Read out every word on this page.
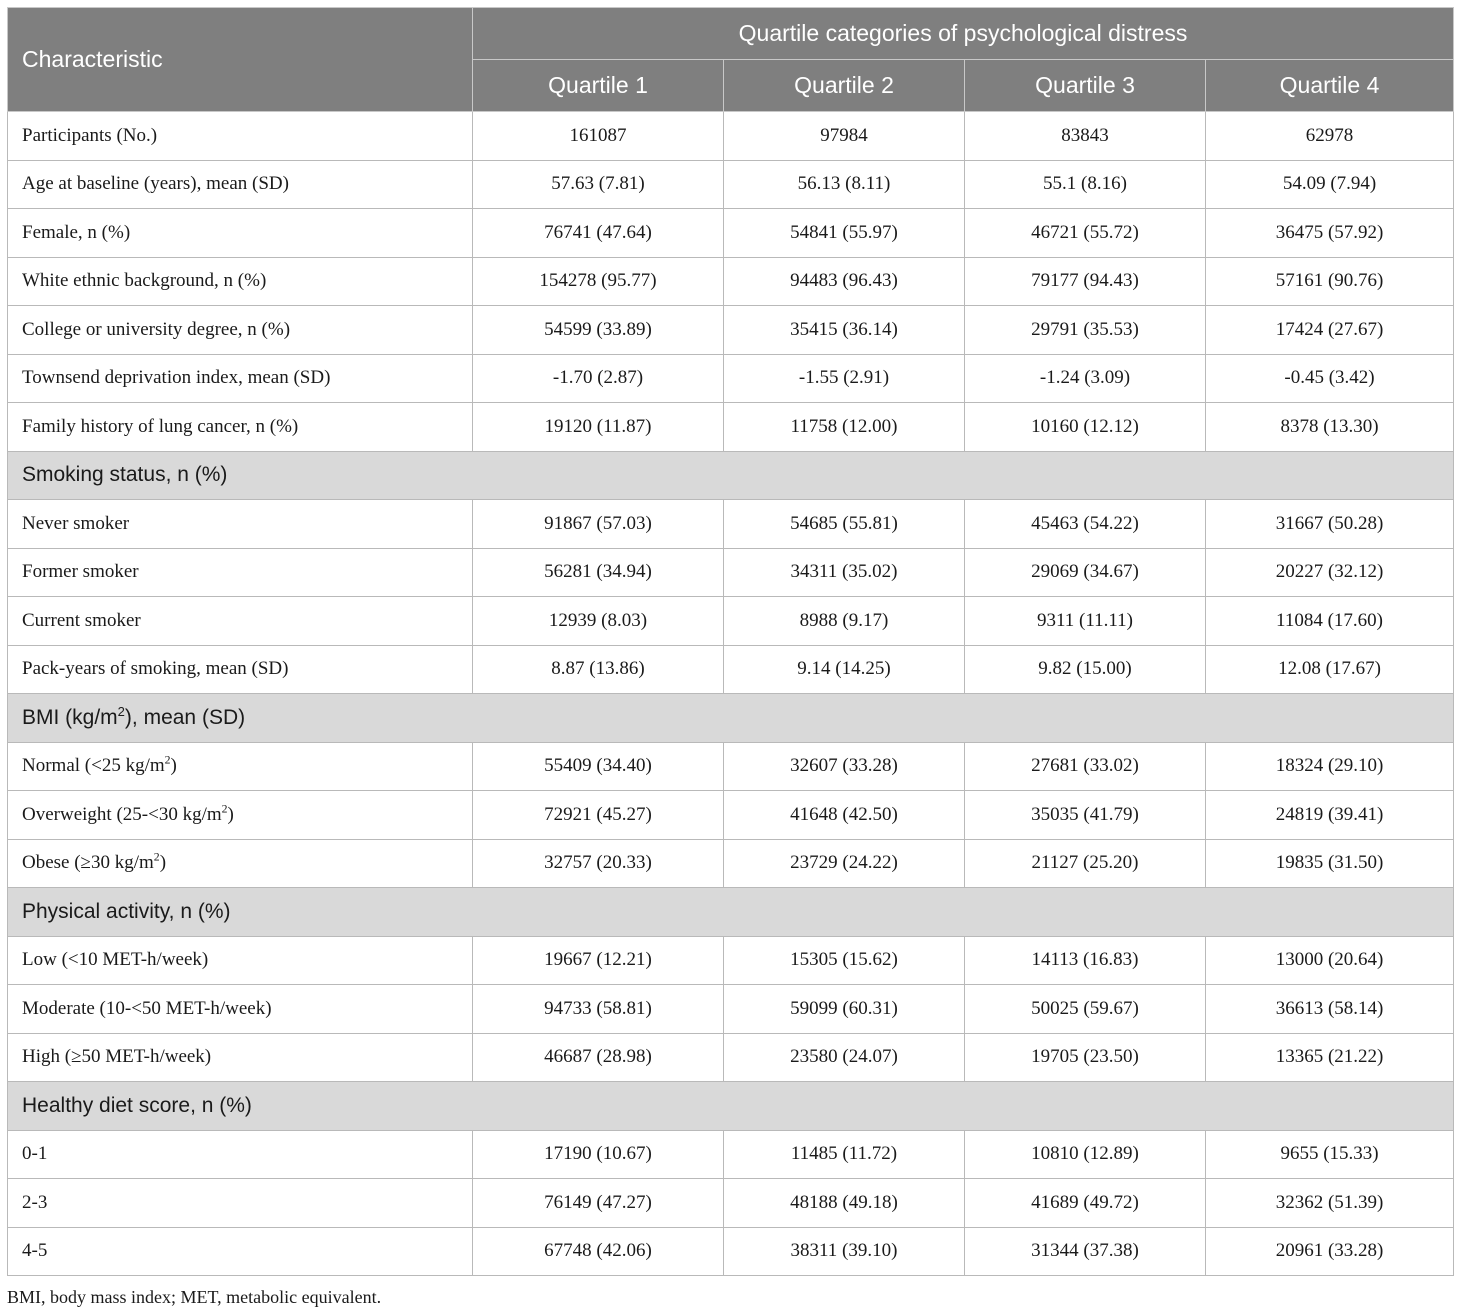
Characteristic	Quartile categories of psychological distress			
	Quartile 1	Quartile 2	Quartile 3	Quartile 4
Participants (No.)	161087	97984	83843	62978
Age at baseline (years), mean (SD)	57.63 (7.81)	56.13 (8.11)	55.1 (8.16)	54.09 (7.94)
Female, n (%)	76741 (47.64)	54841 (55.97)	46721 (55.72)	36475 (57.92)
White ethnic background, n (%)	154278 (95.77)	94483 (96.43)	79177 (94.43)	57161 (90.76)
College or university degree, n (%)	54599 (33.89)	35415 (36.14)	29791 (35.53)	17424 (27.67)
Townsend deprivation index, mean (SD)	-1.70 (2.87)	-1.55 (2.91)	-1.24 (3.09)	-0.45 (3.42)
Family history of lung cancer, n (%)	19120 (11.87)	11758 (12.00)	10160 (12.12)	8378 (13.30)
Smoking status, n (%)				
Never smoker	91867 (57.03)	54685 (55.81)	45463 (54.22)	31667 (50.28)
Former smoker	56281 (34.94)	34311 (35.02)	29069 (34.67)	20227 (32.12)
Current smoker	12939 (8.03)	8988 (9.17)	9311 (11.11)	11084 (17.60)
Pack-years of smoking, mean (SD)	8.87 (13.86)	9.14 (14.25)	9.82 (15.00)	12.08 (17.67)
BMI $(kg/m^2)$, mean (SD)				
Normal (<25 $kg/m^2$)	55409 (34.40)	32607 (33.28)	27681 (33.02)	18324 (29.10)
Overweight (25-<30 $kg/m^2$)	72921 (45.27)	41648 (42.50)	35035 (41.79)	24819 (39.41)
Obese (≥30 $kg/m^2$)	32757 (20.33)	23729 (24.22)	21127 (25.20)	19835 (31.50)
Physical activity, n (%)				
Low (<10 MET-h/week)	19667 (12.21)	15305 (15.62)	14113 (16.83)	13000 (20.64)
Moderate (10-<50 MET-h/week)	94733 (58.81)	59099 (60.31)	50025 (59.67)	36613 (58.14)
High (≥50 MET-h/week)	46687 (28.98)	23580 (24.07)	19705 (23.50)	13365 (21.22)
Healthy diet score, n (%)				
0-1	17190 (10.67)	11485 (11.72)	10810 (12.89)	9655 (15.33)
2-3	76149 (47.27)	48188 (49.18)	41689 (49.72)	32362 (51.39)
4-5	67748 (42.06)	38311 (39.10)	31344 (37.38)	20961 (33.28)
BMI, body mass index; MET, metabolic equivalent.
